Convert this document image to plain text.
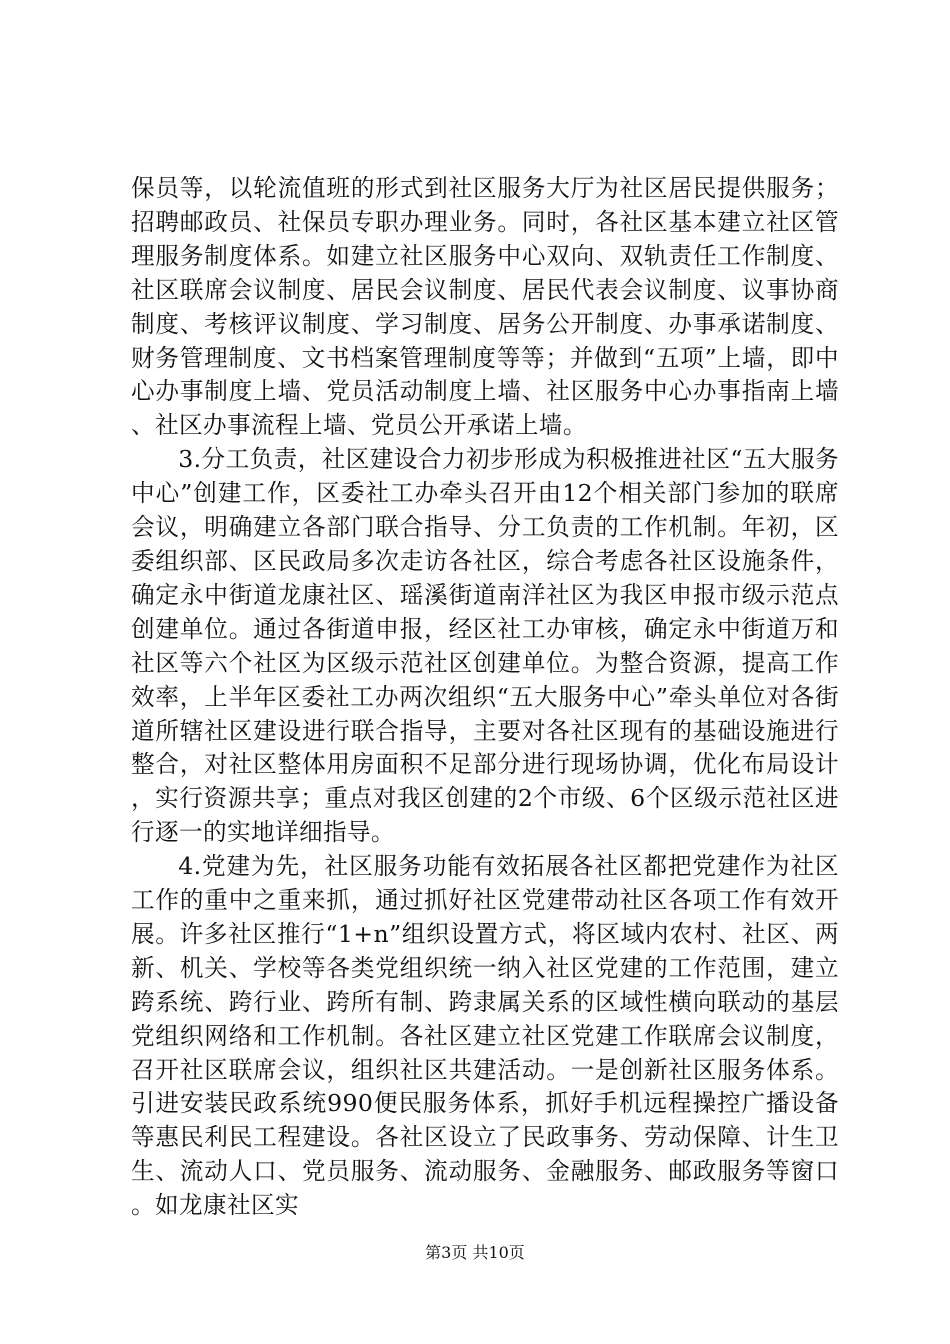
保员等，以轮流值班的形式到社区服务大厅为社区居民提供服务；招聘邮政员、社保员专职办理业务。同时，各社区基本建立社区管理服务制度体系。如建立社区服务中心双向、双轨责任工作制度、社区联席会议制度、居民会议制度、居民代表会议制度、议事协商制度、考核评议制度、学习制度、居务公开制度、办事承诺制度、财务管理制度、文书档案管理制度等等；并做到“五项”上墙，即中心办事制度上墙、党员活动制度上墙、社区服务中心办事指南上墙、社区办事流程上墙、党员公开承诺上墙。

3.分工负责，社区建设合力初步形成为积极推进社区“五大服务中心”创建工作，区委社工办牵头召开由12个相关部门参加的联席会议，明确建立各部门联合指导、分工负责的工作机制。年初，区委组织部、区民政局多次走访各社区，综合考虑各社区设施条件，确定永中街道龙康社区、瑶溪街道南洋社区为我区申报市级示范点创建单位。通过各街道申报，经区社工办审核，确定永中街道万和社区等六个社区为区级示范社区创建单位。为整合资源，提高工作效率，上半年区委社工办两次组织“五大服务中心”牵头单位对各街道所辖社区建设进行联合指导，主要对各社区现有的基础设施进行整合，对社区整体用房面积不足部分进行现场协调，优化布局设计，实行资源共享；重点对我区创建的2个市级、6个区级示范社区进行逐一的实地详细指导。

4.党建为先，社区服务功能有效拓展各社区都把党建作为社区工作的重中之重来抓，通过抓好社区党建带动社区各项工作有效开展。许多社区推行“1+n”组织设置方式，将区域内农村、社区、两新、机关、学校等各类党组织统一纳入社区党建的工作范围，建立跨系统、跨行业、跨所有制、跨隶属关系的区域性横向联动的基层党组织网络和工作机制。各社区建立社区党建工作联席会议制度，召开社区联席会议，组织社区共建活动。一是创新社区服务体系。引进安装民政系统990便民服务体系，抓好手机远程操控广播设备等惠民利民工程建设。各社区设立了民政事务、劳动保障、计生卫生、流动人口、党员服务、流动服务、金融服务、邮政服务等窗口。如龙康社区实

第3页 共10页
